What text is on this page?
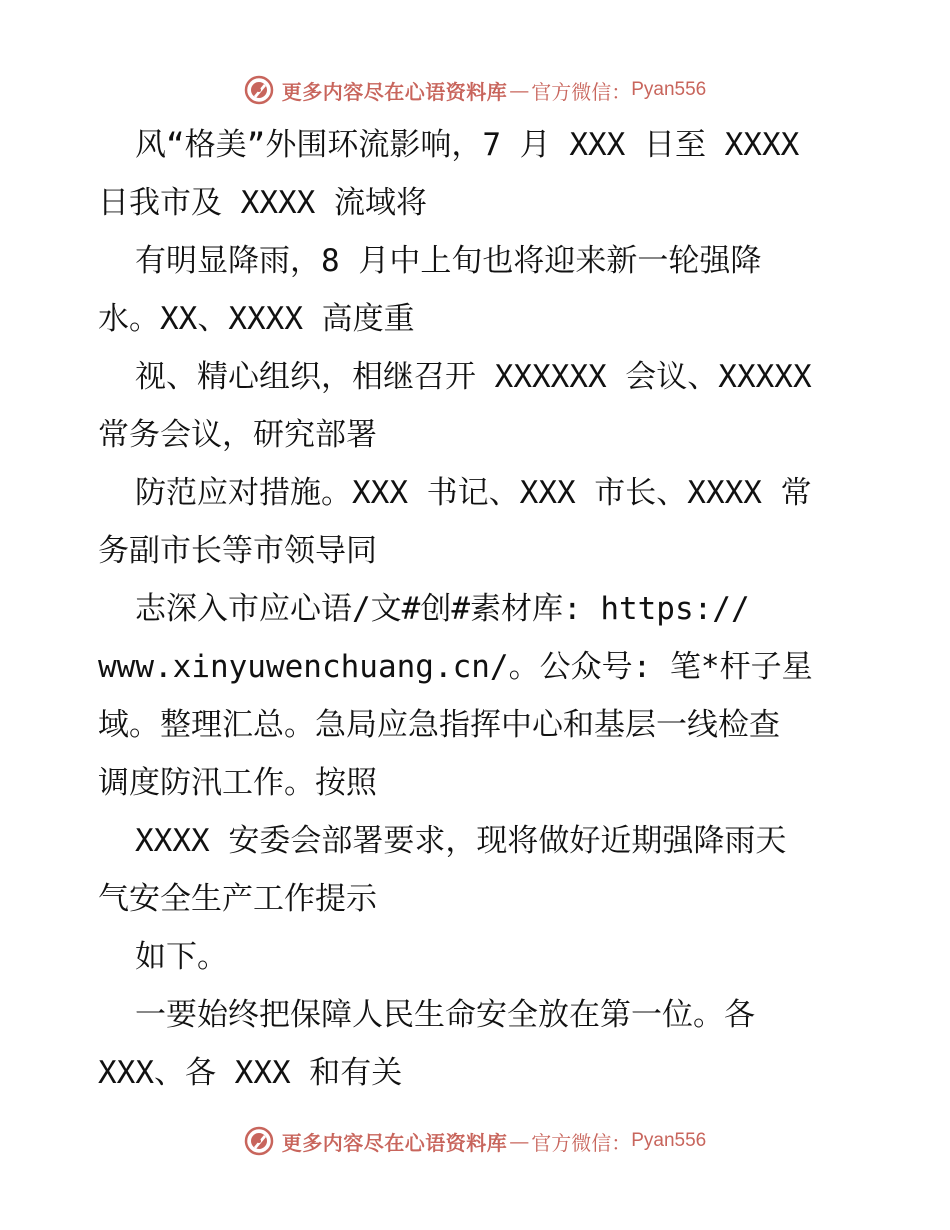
更多内容尽在心语资料库 — 官方微信： Pyan556
风“格美”外围环流影响，7 月 XXX 日至 XXXX
日我市及 XXXX 流域将
有明显降雨，8 月中上旬也将迎来新一轮强降
水。XX、XXXX 高度重
视、精心组织，相继召开 XXXXXX 会议、XXXXX
常务会议，研究部署
防范应对措施。XXX 书记、XXX 市长、XXXX 常
务副市长等市领导同
志深入市应心语/文#创#素材库: https://
www.xinyuwenchuang.cn/。公众号: 笔*杆子星
域。整理汇总。急局应急指挥中心和基层一线检查
调度防汛工作。按照
XXXX 安委会部署要求，现将做好近期强降雨天
气安全生产工作提示
如下。
一要始终把保障人民生命安全放在第一位。各
XXX、各 XXX 和有关
更多内容尽在心语资料库 — 官方微信： Pyan556
